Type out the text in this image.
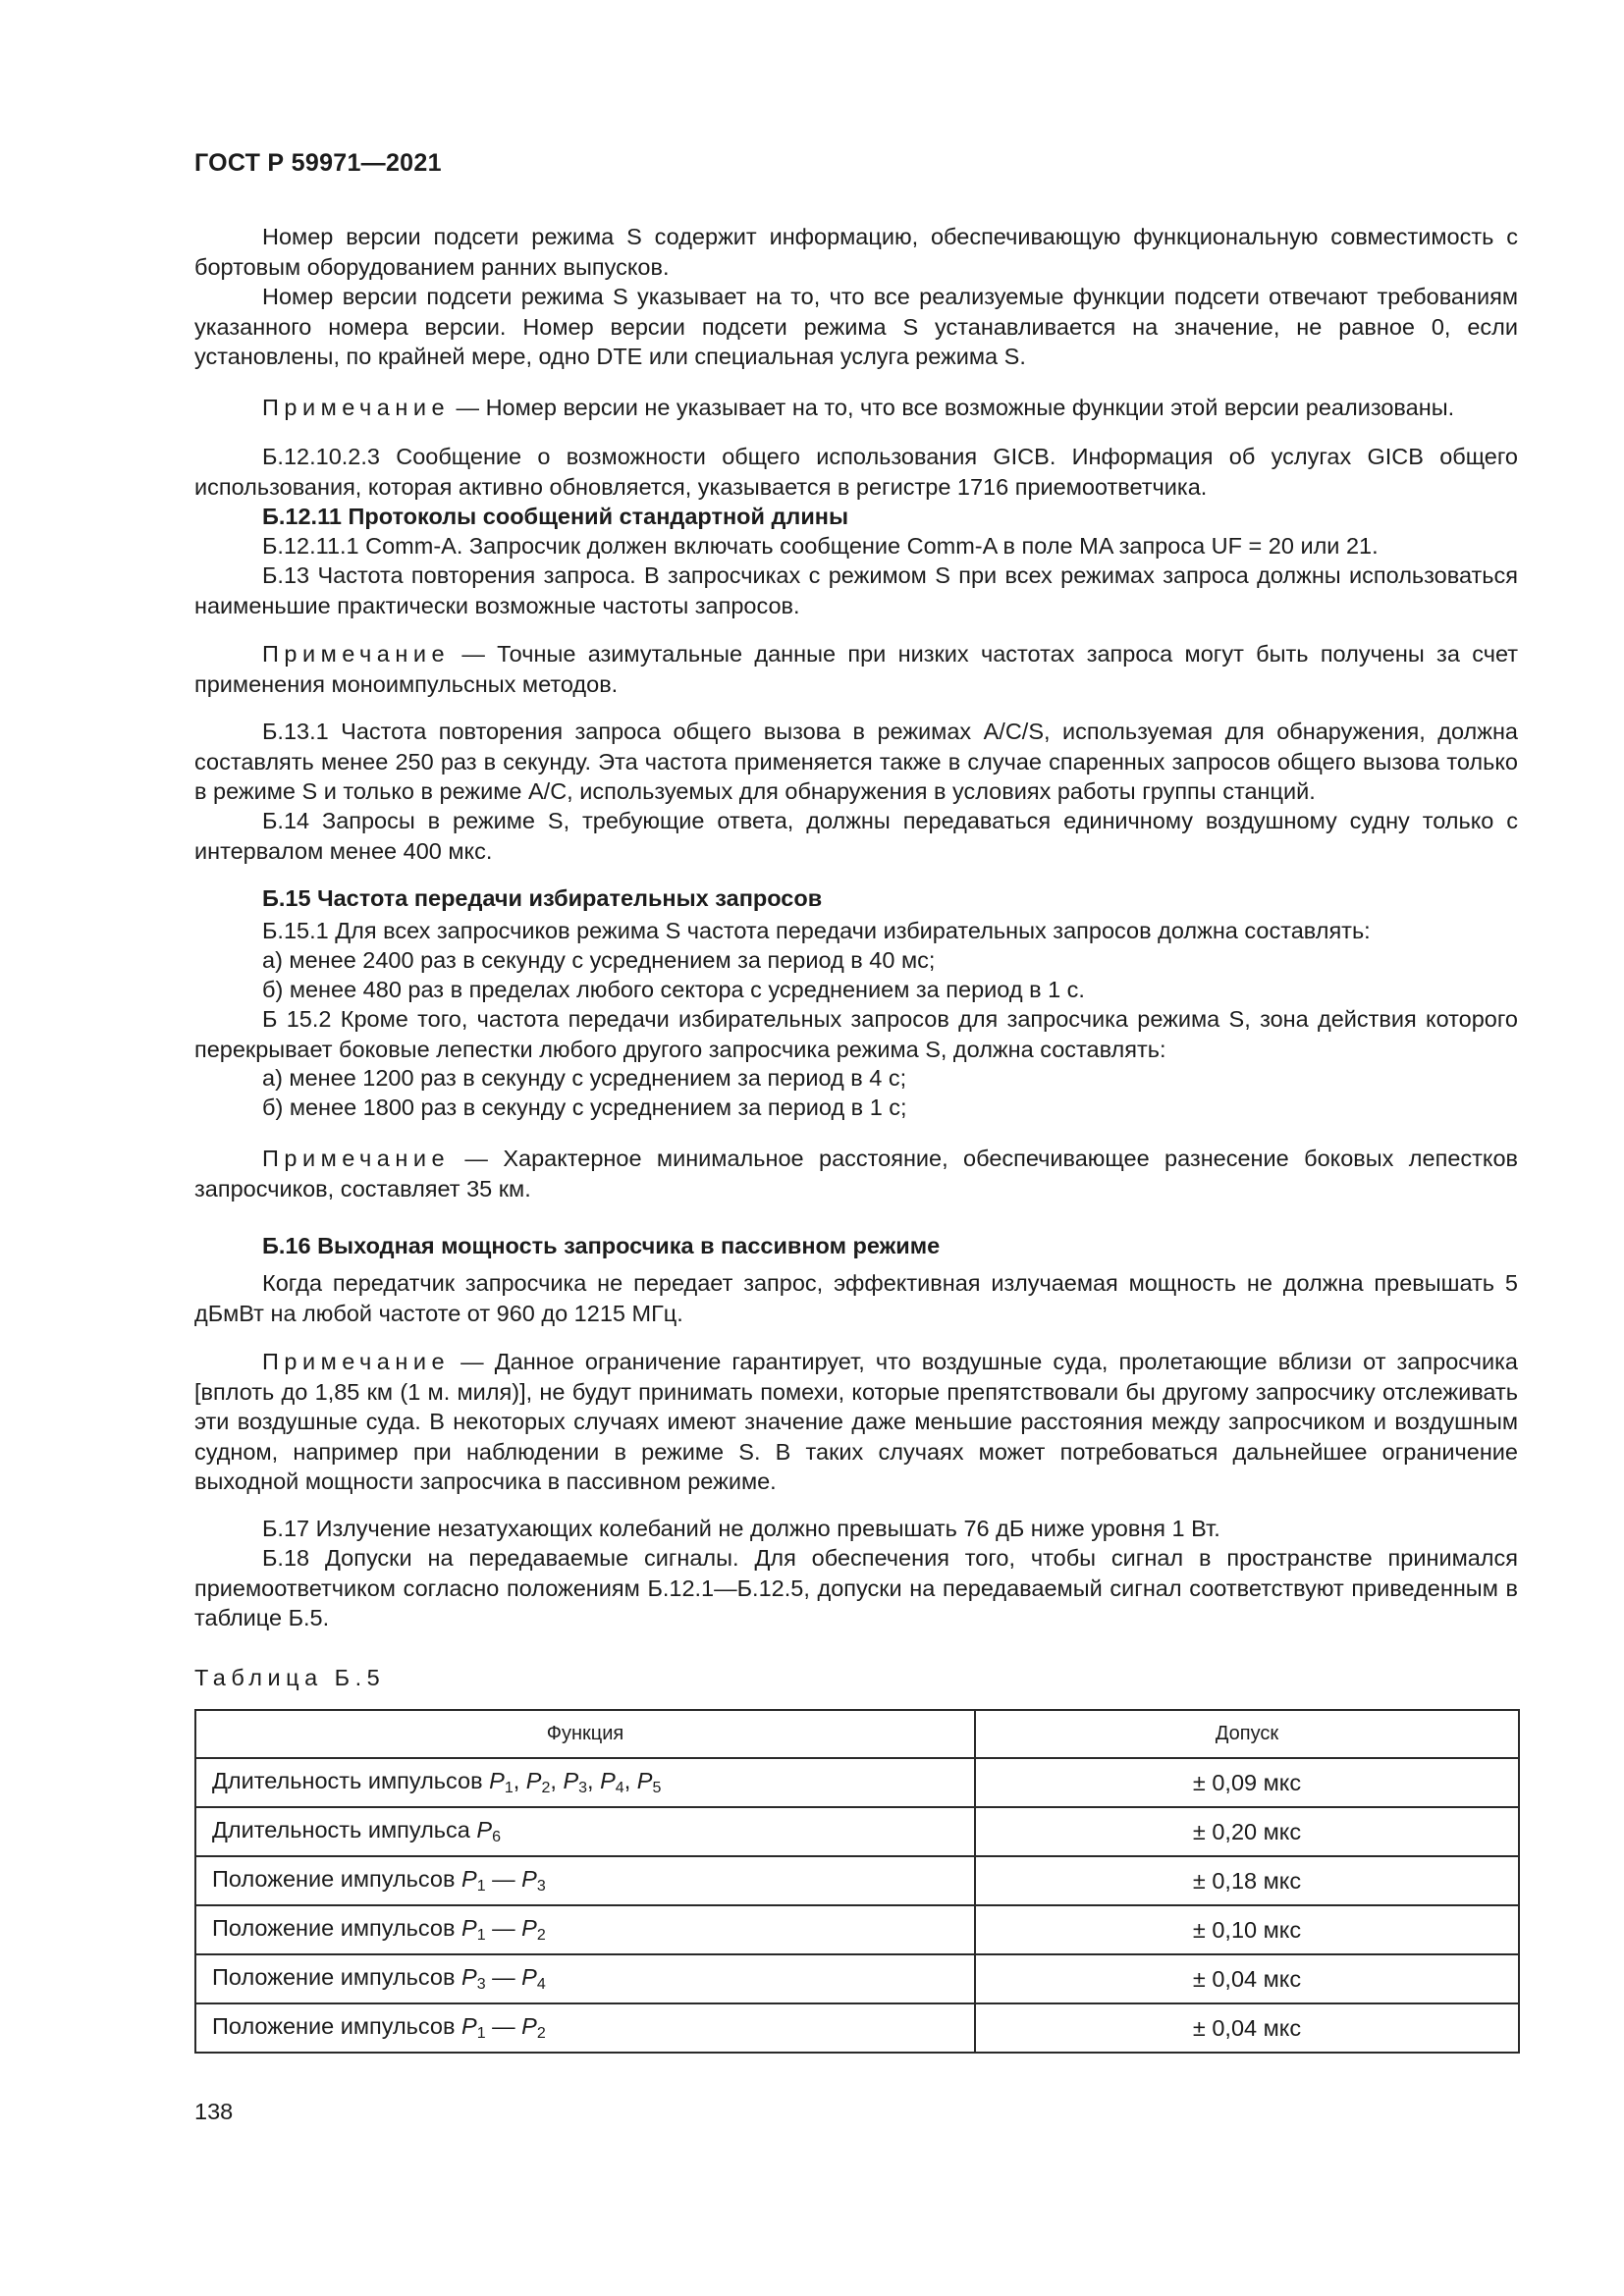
ГОСТ Р 59971—2021

Номер версии подсети режима S содержит информацию, обеспечивающую функциональную совместимость с бортовым оборудованием ранних выпусков.

Номер версии подсети режима S указывает на то, что все реализуемые функции подсети отвечают требованиям указанного номера версии. Номер версии подсети режима S устанавливается на значение, не равное 0, если установлены, по крайней мере, одно DTE или специальная услуга режима S.

Примечание — Номер версии не указывает на то, что все возможные функции этой версии реализованы.

Б.12.10.2.3 Сообщение о возможности общего использования GICB. Информация об услугах GICB общего использования, которая активно обновляется, указывается в регистре 1716 приемоответчика.

Б.12.11 Протоколы сообщений стандартной длины

Б.12.11.1 Comm-A. Запросчик должен включать сообщение Comm-A в поле MA запроса UF = 20 или 21.

Б.13 Частота повторения запроса. В запросчиках с режимом S при всех режимах запроса должны использоваться наименьшие практически возможные частоты запросов.

Примечание — Точные азимутальные данные при низких частотах запроса могут быть получены за счет применения моноимпульсных методов.

Б.13.1 Частота повторения запроса общего вызова в режимах A/C/S, используемая для обнаружения, должна составлять менее 250 раз в секунду. Эта частота применяется также в случае спаренных запросов общего вызова только в режиме S и только в режиме A/C, используемых для обнаружения в условиях работы группы станций.

Б.14 Запросы в режиме S, требующие ответа, должны передаваться единичному воздушному судну только с интервалом менее 400 мкс.

Б.15 Частота передачи избирательных запросов

Б.15.1 Для всех запросчиков режима S частота передачи избирательных запросов должна составлять:

а) менее 2400 раз в секунду с усреднением за период в 40 мс;

б) менее 480 раз в пределах любого сектора с усреднением за период в 1 с.

Б 15.2 Кроме того, частота передачи избирательных запросов для запросчика режима S, зона действия которого перекрывает боковые лепестки любого другого запросчика режима S, должна составлять:

а) менее 1200 раз в секунду с усреднением за период в 4 с;

б) менее 1800 раз в секунду с усреднением за период в 1 с;

Примечание — Характерное минимальное расстояние, обеспечивающее разнесение боковых лепестков запросчиков, составляет 35 км.

Б.16 Выходная мощность запросчика в пассивном режиме

Когда передатчик запросчика не передает запрос, эффективная излучаемая мощность не должна превышать 5 дБмВт на любой частоте от 960 до 1215 МГц.

Примечание — Данное ограничение гарантирует, что воздушные суда, пролетающие вблизи от запросчика [вплоть до 1,85 км (1 м. миля)], не будут принимать помехи, которые препятствовали бы другому запросчику отслеживать эти воздушные суда. В некоторых случаях имеют значение даже меньшие расстояния между запросчиком и воздушным судном, например при наблюдении в режиме S. В таких случаях может потребоваться дальнейшее ограничение выходной мощности запросчика в пассивном режиме.

Б.17 Излучение незатухающих колебаний не должно превышать 76 дБ ниже уровня 1 Вт.

Б.18 Допуски на передаваемые сигналы. Для обеспечения того, чтобы сигнал в пространстве принимался приемоответчиком согласно положениям Б.12.1—Б.12.5, допуски на передаваемый сигнал соответствуют приведенным в таблице Б.5.

Таблица Б.5
Функция	Допуск
Длительность импульсов $P_1$, $P_2$, $P_3$, $P_4$, $P_5$	± 0,09 мкс
Длительность импульса $P_6$	± 0,20 мкс
Положение импульсов $P_1$ — $P_3$	± 0,18 мкс
Положение импульсов $P_1$ — $P_2$	± 0,10 мкс
Положение импульсов $P_3$ — $P_4$	± 0,04 мкс
Положение импульсов $P_1$ — $P_2$	± 0,04 мкс
138
